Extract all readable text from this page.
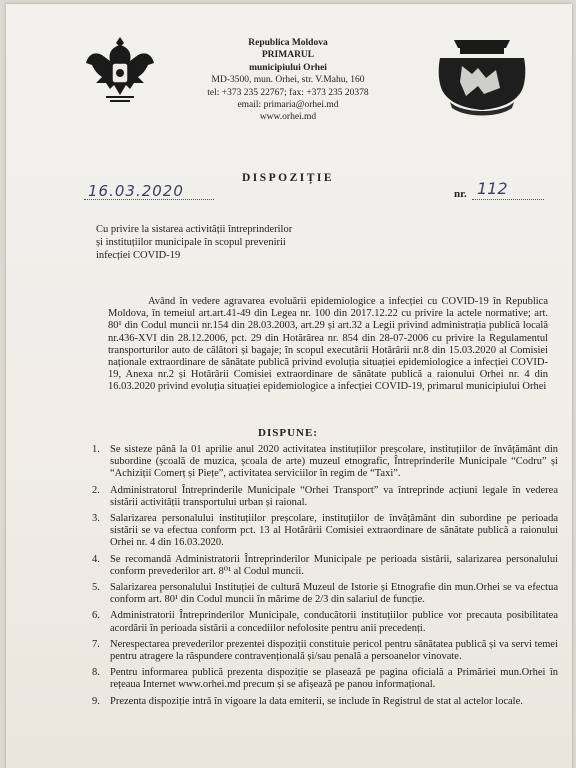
Republica Moldova
PRIMARUL
municipiului Orhei
MD-3500, mun. Orhei, str. V.Mahu, 160
tel: +373 235 22767; fax: +373 235 20378
email: primaria@orhei.md
www.orhei.md
DISPOZIȚIE
16.03.2020	nr. 112
Cu privire la sistarea activității întreprinderilor și instituțiilor municipale în scopul prevenirii infecției COVID-19
Având în vedere agravarea evoluării epidemiologice a infecției cu COVID-19 în Republica Moldova, în temeiul art.art.41-49 din Legea nr. 100 din 2017.12.22 cu privire la actele normative; art. 80¹ din Codul muncii nr.154 din 28.03.2003, art.29 și art.32 a Legii privind administrația publică locală nr.436-XVI din 28.12.2006, pct. 29 din Hotărârea nr. 854 din 28-07-2006 cu privire la Regulamentul transporturilor auto de călători și bagaje; în scopul executării Hotărârii nr.8 din 15.03.2020 al Comisiei naționale extraordinare de sănătate publică privind evoluția situației epidemiologice a infecției COVID-19, Anexa nr.2 și Hotărârii Comisiei extraordinare de sănătate publică a raionului Orhei nr. 4 din 16.03.2020 privind evoluția situației epidemiologice a infecției COVID-19, primarul municipiului Orhei
DISPUNE:
1. Se sisteze până la 01 aprilie anul 2020 activitatea instituțiilor preșcolare, instituțiilor de învățământ din subordine (școală de muzica, școala de arte) muzeul etnografic, Întreprinderile Municipale “Codru” și “Achiziții Comerț și Piețe”, activitatea serviciilor în regim de “Taxi”.
2. Administratorul Întreprinderile Municipale “Orhei Transport” va întreprinde acțiuni legale în vederea sistării activității transportului urban și raional.
3. Salarizarea personalului instituțiilor preșcolare, instituțiilor de învățământ din subordine pe perioada sistării se va efectua conform pct. 13 al Hotărârii Comisiei extraordinare de sănătate publică a raionului Orhei nr. 4 din 16.03.2020.
4. Se recomandă Administratorii Întreprinderilor Municipale pe perioada sistării, salarizarea personalului conform prevederilor art. 8⁰¹ al Codul muncii.
5. Salarizarea personalului Instituției de cultură Muzeul de Istorie și Etnografie din mun.Orhei se va efectua conform art. 80¹ din Codul muncii în mărime de 2/3 din salariul de funcție.
6. Administratorii Întreprinderilor Municipale, conducătorii instituțiilor publice vor precauta posibilitatea acordării în perioada sistării a concediilor nefolosite pentru anii precedenți.
7. Nerespectarea prevederilor prezentei dispoziții constituie pericol pentru sănătatea publică și va servi temei pentru atragere la răspundere contravențională și/sau penală a persoanelor vinovate.
8. Pentru informarea publică prezenta dispoziție se plasează pe pagina oficială a Primăriei mun.Orhei în rețeaua Internet www.orhei.md precum și se afișează pe panou informațional.
9. Prezenta dispoziție intră în vigoare la data emiterii, se include în Registrul de stat al actelor locale.
